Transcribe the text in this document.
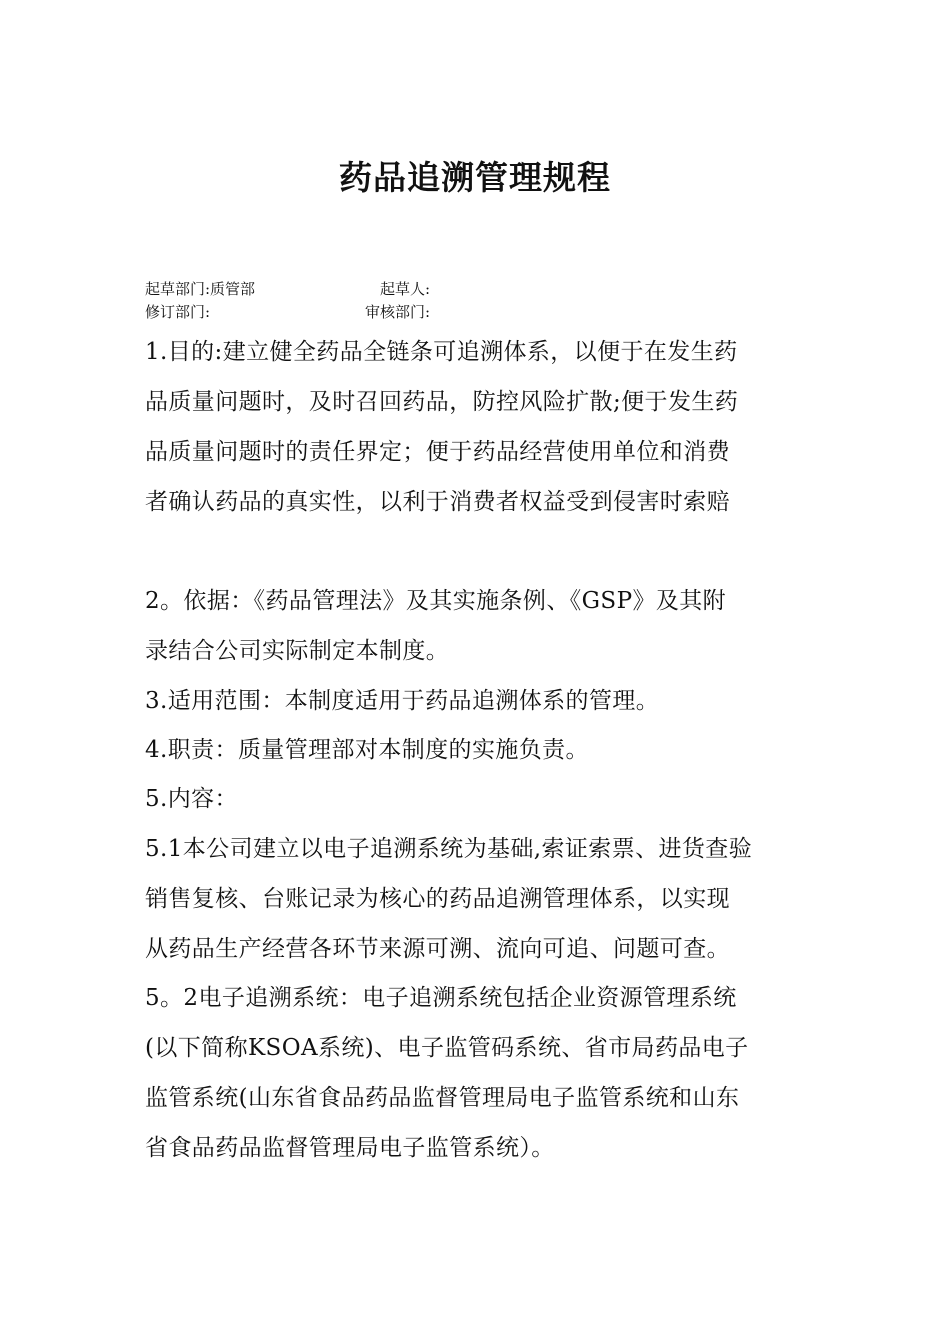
药品追溯管理规程
起草部门:质管部	起草人:
修订部门:	审核部门:
1.目的:建立健全药品全链条可追溯体系，以便于在发生药
品质量问题时，及时召回药品，防控风险扩散;便于发生药
品质量问题时的责任界定；便于药品经营使用单位和消费
者确认药品的真实性，以利于消费者权益受到侵害时索赔
2。依据：《药品管理法》及其实施条例、《GSP》及其附
录结合公司实际制定本制度。
3.适用范围：本制度适用于药品追溯体系的管理。
4.职责：质量管理部对本制度的实施负责。
5.内容：
5.1本公司建立以电子追溯系统为基础,索证索票、进货查验
销售复核、台账记录为核心的药品追溯管理体系，以实现
从药品生产经营各环节来源可溯、流向可追、问题可查。
5。2电子追溯系统：电子追溯系统包括企业资源管理系统
(以下简称KSOA系统)、电子监管码系统、省市局药品电子
监管系统(山东省食品药品监督管理局电子监管系统和山东
省食品药品监督管理局电子监管系统）。
